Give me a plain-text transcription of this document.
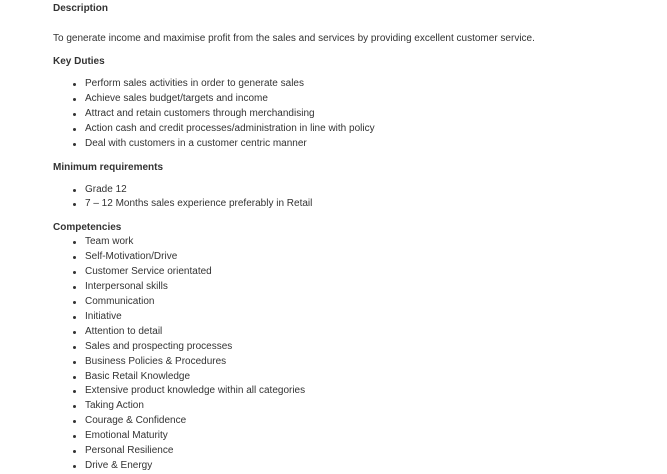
Description

To generate income and maximise profit from the sales and services by providing excellent customer service.

Key Duties
Perform sales activities in order to generate sales
Achieve sales budget/targets and income
Attract and retain customers through merchandising
Action cash and credit processes/administration in line with policy
Deal with customers in a customer centric manner
Minimum requirements
Grade 12
7 – 12 Months sales experience preferably in Retail
Competencies
Team work
Self-Motivation/Drive
Customer Service orientated
Interpersonal skills
Communication
Initiative
Attention to detail
Sales and prospecting processes
Business Policies & Procedures
Basic Retail Knowledge
Extensive product knowledge within all categories
Taking Action
Courage & Confidence
Emotional Maturity
Personal Resilience
Drive & Energy
